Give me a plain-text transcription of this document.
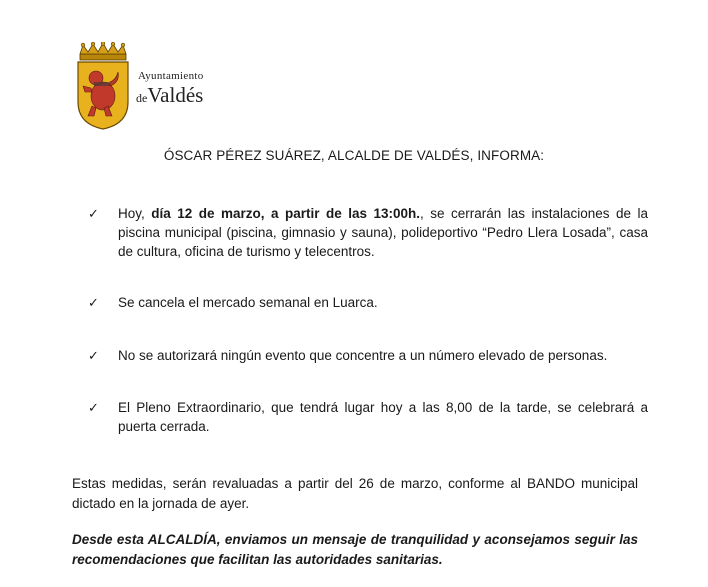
Ayuntamiento
deValdés
ÓSCAR PÉREZ SUÁREZ, ALCALDE DE VALDÉS, INFORMA:
✓ Hoy, día 12 de marzo, a partir de las 13:00h., se cerrarán las instalaciones de la piscina municipal (piscina, gimnasio y sauna), polideportivo “Pedro Llera Losada”, casa de cultura, oficina de turismo y telecentros.
✓ Se cancela el mercado semanal en Luarca.
✓ No se autorizará ningún evento que concentre a un número elevado de personas.
✓ El Pleno Extraordinario, que tendrá lugar hoy a las 8,00 de la tarde, se celebrará a puerta cerrada.
Estas medidas, serán revaluadas a partir del 26 de marzo, conforme al BANDO municipal dictado en la jornada de ayer.
Desde esta ALCALDÍA, enviamos un mensaje de tranquilidad y aconsejamos seguir las recomendaciones que facilitan las autoridades sanitarias.
